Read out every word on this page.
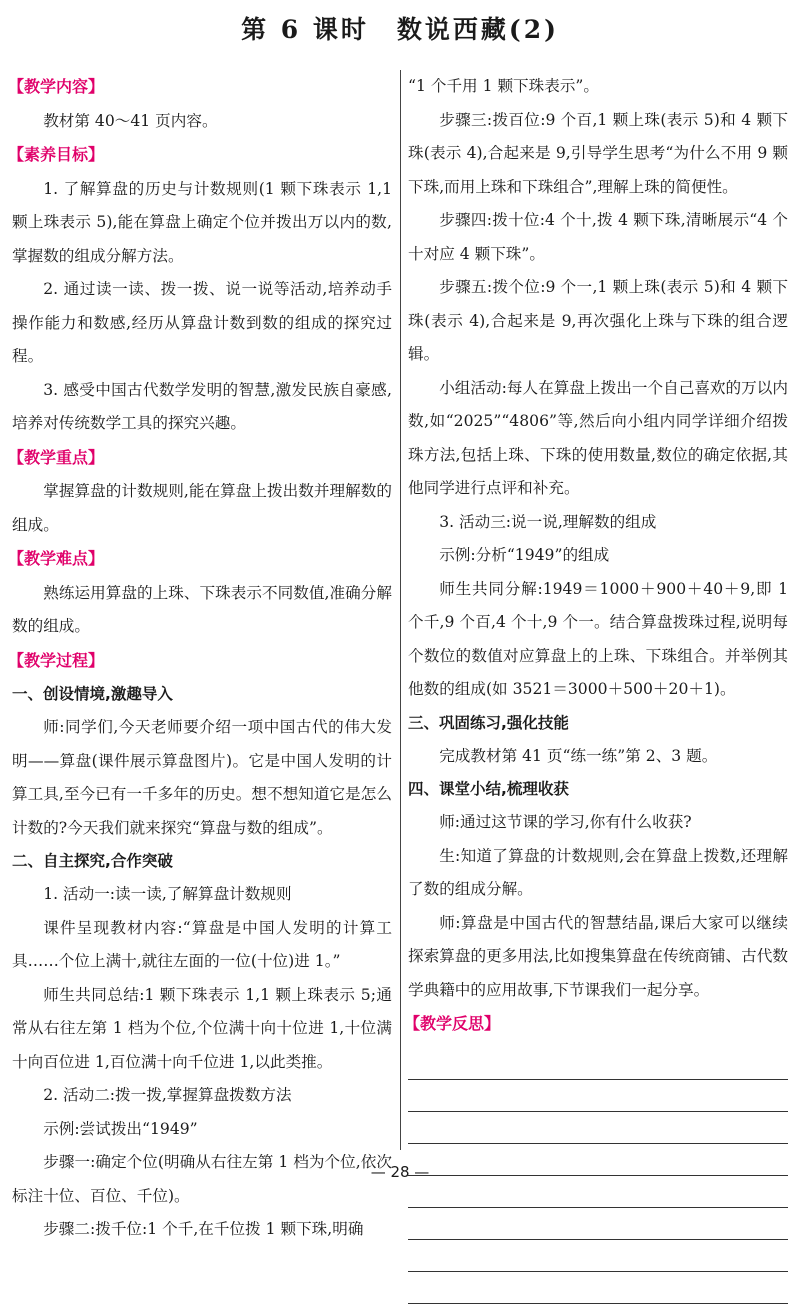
第 6 课时　数说西藏(2)
【教学内容】

教材第 40～41 页内容。

【素养目标】

1. 了解算盘的历史与计数规则(1 颗下珠表示 1,1 颗上珠表示 5),能在算盘上确定个位并拨出万以内的数,掌握数的组成分解方法。

2. 通过读一读、拨一拨、说一说等活动,培养动手操作能力和数感,经历从算盘计数到数的组成的探究过程。

3. 感受中国古代数学发明的智慧,激发民族自豪感,培养对传统数学工具的探究兴趣。

【教学重点】

掌握算盘的计数规则,能在算盘上拨出数并理解数的组成。

【教学难点】

熟练运用算盘的上珠、下珠表示不同数值,准确分解数的组成。

【教学过程】
一、创设情境,激趣导入

师:同学们,今天老师要介绍一项中国古代的伟大发明——算盘(课件展示算盘图片)。它是中国人发明的计算工具,至今已有一千多年的历史。想不想知道它是怎么计数的?今天我们就来探究“算盘与数的组成”。

二、自主探究,合作突破

1. 活动一:读一读,了解算盘计数规则

课件呈现教材内容:“算盘是中国人发明的计算工具……个位上满十,就往左面的一位(十位)进 1。”

师生共同总结:1 颗下珠表示 1,1 颗上珠表示 5;通常从右往左第 1 档为个位,个位满十向十位进 1,十位满十向百位进 1,百位满十向千位进 1,以此类推。

2. 活动二:拨一拨,掌握算盘拨数方法

示例:尝试拨出“1949”

步骤一:确定个位(明确从右往左第 1 档为个位,依次标注十位、百位、千位)。

步骤二:拨千位:1 个千,在千位拨 1 颗下珠,明确

“1 个千用 1 颗下珠表示”。

步骤三:拨百位:9 个百,1 颗上珠(表示 5)和 4 颗下珠(表示 4),合起来是 9,引导学生思考“为什么不用 9 颗下珠,而用上珠和下珠组合”,理解上珠的简便性。

步骤四:拨十位:4 个十,拨 4 颗下珠,清晰展示“4 个十对应 4 颗下珠”。

步骤五:拨个位:9 个一,1 颗上珠(表示 5)和 4 颗下珠(表示 4),合起来是 9,再次强化上珠与下珠的组合逻辑。

小组活动:每人在算盘上拨出一个自己喜欢的万以内数,如“2025”“4806”等,然后向小组内同学详细介绍拨珠方法,包括上珠、下珠的使用数量,数位的确定依据,其他同学进行点评和补充。

3. 活动三:说一说,理解数的组成

示例:分析“1949”的组成

师生共同分解:1949＝1000＋900＋40＋9,即 1 个千,9 个百,4 个十,9 个一。结合算盘拨珠过程,说明每个数位的数值对应算盘上的上珠、下珠组合。并举例其他数的组成(如 3521＝3000＋500＋20＋1)。

三、巩固练习,强化技能

完成教材第 41 页“练一练”第 2、3 题。

四、课堂小结,梳理收获

师:通过这节课的学习,你有什么收获?

生:知道了算盘的计数规则,会在算盘上拨数,还理解了数的组成分解。

师:算盘是中国古代的智慧结晶,课后大家可以继续探索算盘的更多用法,比如搜集算盘在传统商铺、古代数学典籍中的应用故事,下节课我们一起分享。

【教学反思】
— 28 —
